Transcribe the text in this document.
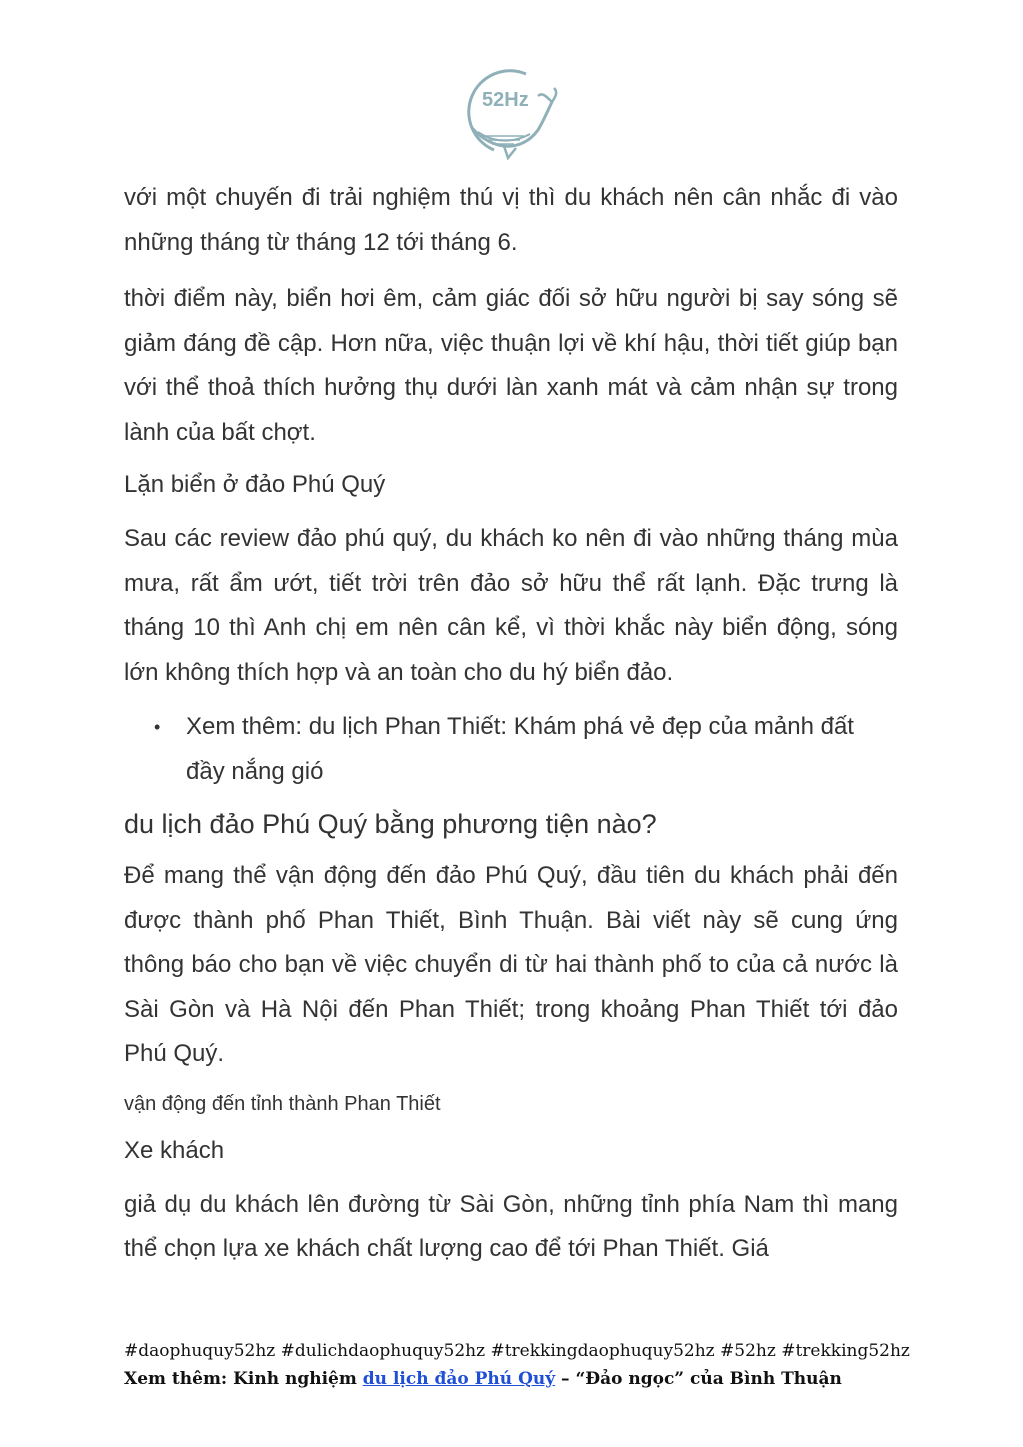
52Hz

với một chuyến đi trải nghiệm thú vị thì du khách nên cân nhắc đi vào những tháng từ tháng 12 tới tháng 6.

thời điểm này, biển hơi êm, cảm giác đối sở hữu người bị say sóng sẽ giảm đáng đề cập. Hơn nữa, việc thuận lợi về khí hậu, thời tiết giúp bạn với thể thoả thích hưởng thụ dưới làn xanh mát và cảm nhận sự trong lành của bất chợt.

Lặn biển ở đảo Phú Quý

Sau các review đảo phú quý, du khách ko nên đi vào những tháng mùa mưa, rất ẩm ướt, tiết trời trên đảo sở hữu thể rất lạnh. Đặc trưng là tháng 10 thì Anh chị em nên cân kể, vì thời khắc này biển động, sóng lớn không thích hợp và an toàn cho du hý biển đảo.

• Xem thêm: du lịch Phan Thiết: Khám phá vẻ đẹp của mảnh đất đầy nắng gió
du lịch đảo Phú Quý bằng phương tiện nào?

Để mang thể vận động đến đảo Phú Quý, đầu tiên du khách phải đến được thành phố Phan Thiết, Bình Thuận. Bài viết này sẽ cung ứng thông báo cho bạn về việc chuyển di từ hai thành phố to của cả nước là Sài Gòn và Hà Nội đến Phan Thiết; trong khoảng Phan Thiết tới đảo Phú Quý.

vận động đến tỉnh thành Phan Thiết
Xe khách

giả dụ du khách lên đường từ Sài Gòn, những tỉnh phía Nam thì mang thể chọn lựa xe khách chất lượng cao để tới Phan Thiết. Giá

#daophuquy52hz #dulichdaophuquy52hz #trekkingdaophuquy52hz #52hz #trekking52hz
Xem thêm: Kinh nghiệm du lịch đảo Phú Quý – “Đảo ngọc” của Bình Thuận
